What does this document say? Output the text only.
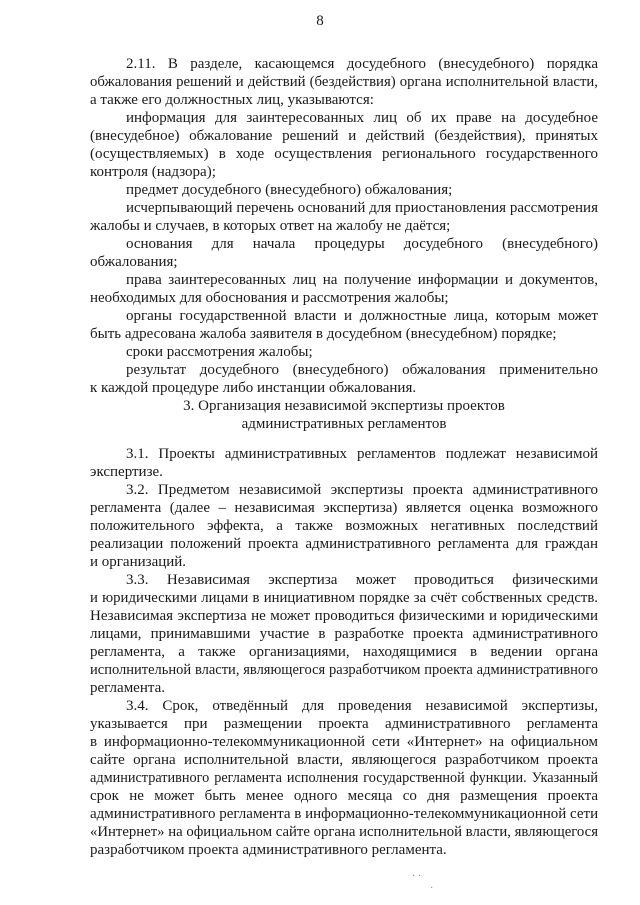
8
2.11. В разделе, касающемся досудебного (внесудебного) порядка
обжалования решений и действий (бездействия) органа исполнительной власти,
а также его должностных лиц, указываются:
информация для заинтересованных лиц об их праве на досудебное
(внесудебное) обжалование решений и действий (бездействия), принятых
(осуществляемых) в ходе осуществления регионального государственного
контроля (надзора);
предмет досудебного (внесудебного) обжалования;
исчерпывающий перечень оснований для приостановления рассмотрения
жалобы и случаев, в которых ответ на жалобу не даётся;
основания для начала процедуры досудебного (внесудебного)
обжалования;
права заинтересованных лиц на получение информации и документов,
необходимых для обоснования и рассмотрения жалобы;
органы государственной власти и должностные лица, которым может
быть адресована жалоба заявителя в досудебном (внесудебном) порядке;
сроки рассмотрения жалобы;
результат досудебного (внесудебного) обжалования применительно
к каждой процедуре либо инстанции обжалования.
3. Организация независимой экспертизы проектов
административных регламентов
3.1. Проекты административных регламентов подлежат независимой
экспертизе.
3.2. Предметом независимой экспертизы проекта административного
регламента (далее – независимая экспертиза) является оценка возможного
положительного эффекта, а также возможных негативных последствий
реализации положений проекта административного регламента для граждан
и организаций.
3.3. Независимая экспертиза может проводиться физическими
и юридическими лицами в инициативном порядке за счёт собственных средств.
Независимая экспертиза не может проводиться физическими и юридическими
лицами, принимавшими участие в разработке проекта административного
регламента, а также организациями, находящимися в ведении органа
исполнительной власти, являющегося разработчиком проекта административного
регламента.
3.4. Срок, отведённый для проведения независимой экспертизы,
указывается при размещении проекта административного регламента
в информационно-телекоммуникационной сети «Интернет» на официальном
сайте органа исполнительной власти, являющегося разработчиком проекта
административного регламента исполнения государственной функции. Указанный
срок не может быть менее одного месяца со дня размещения проекта
административного регламента в информационно-телекоммуникационной сети
«Интернет» на официальном сайте органа исполнительной власти, являющегося
разработчиком проекта административного регламента.
· ·
·
